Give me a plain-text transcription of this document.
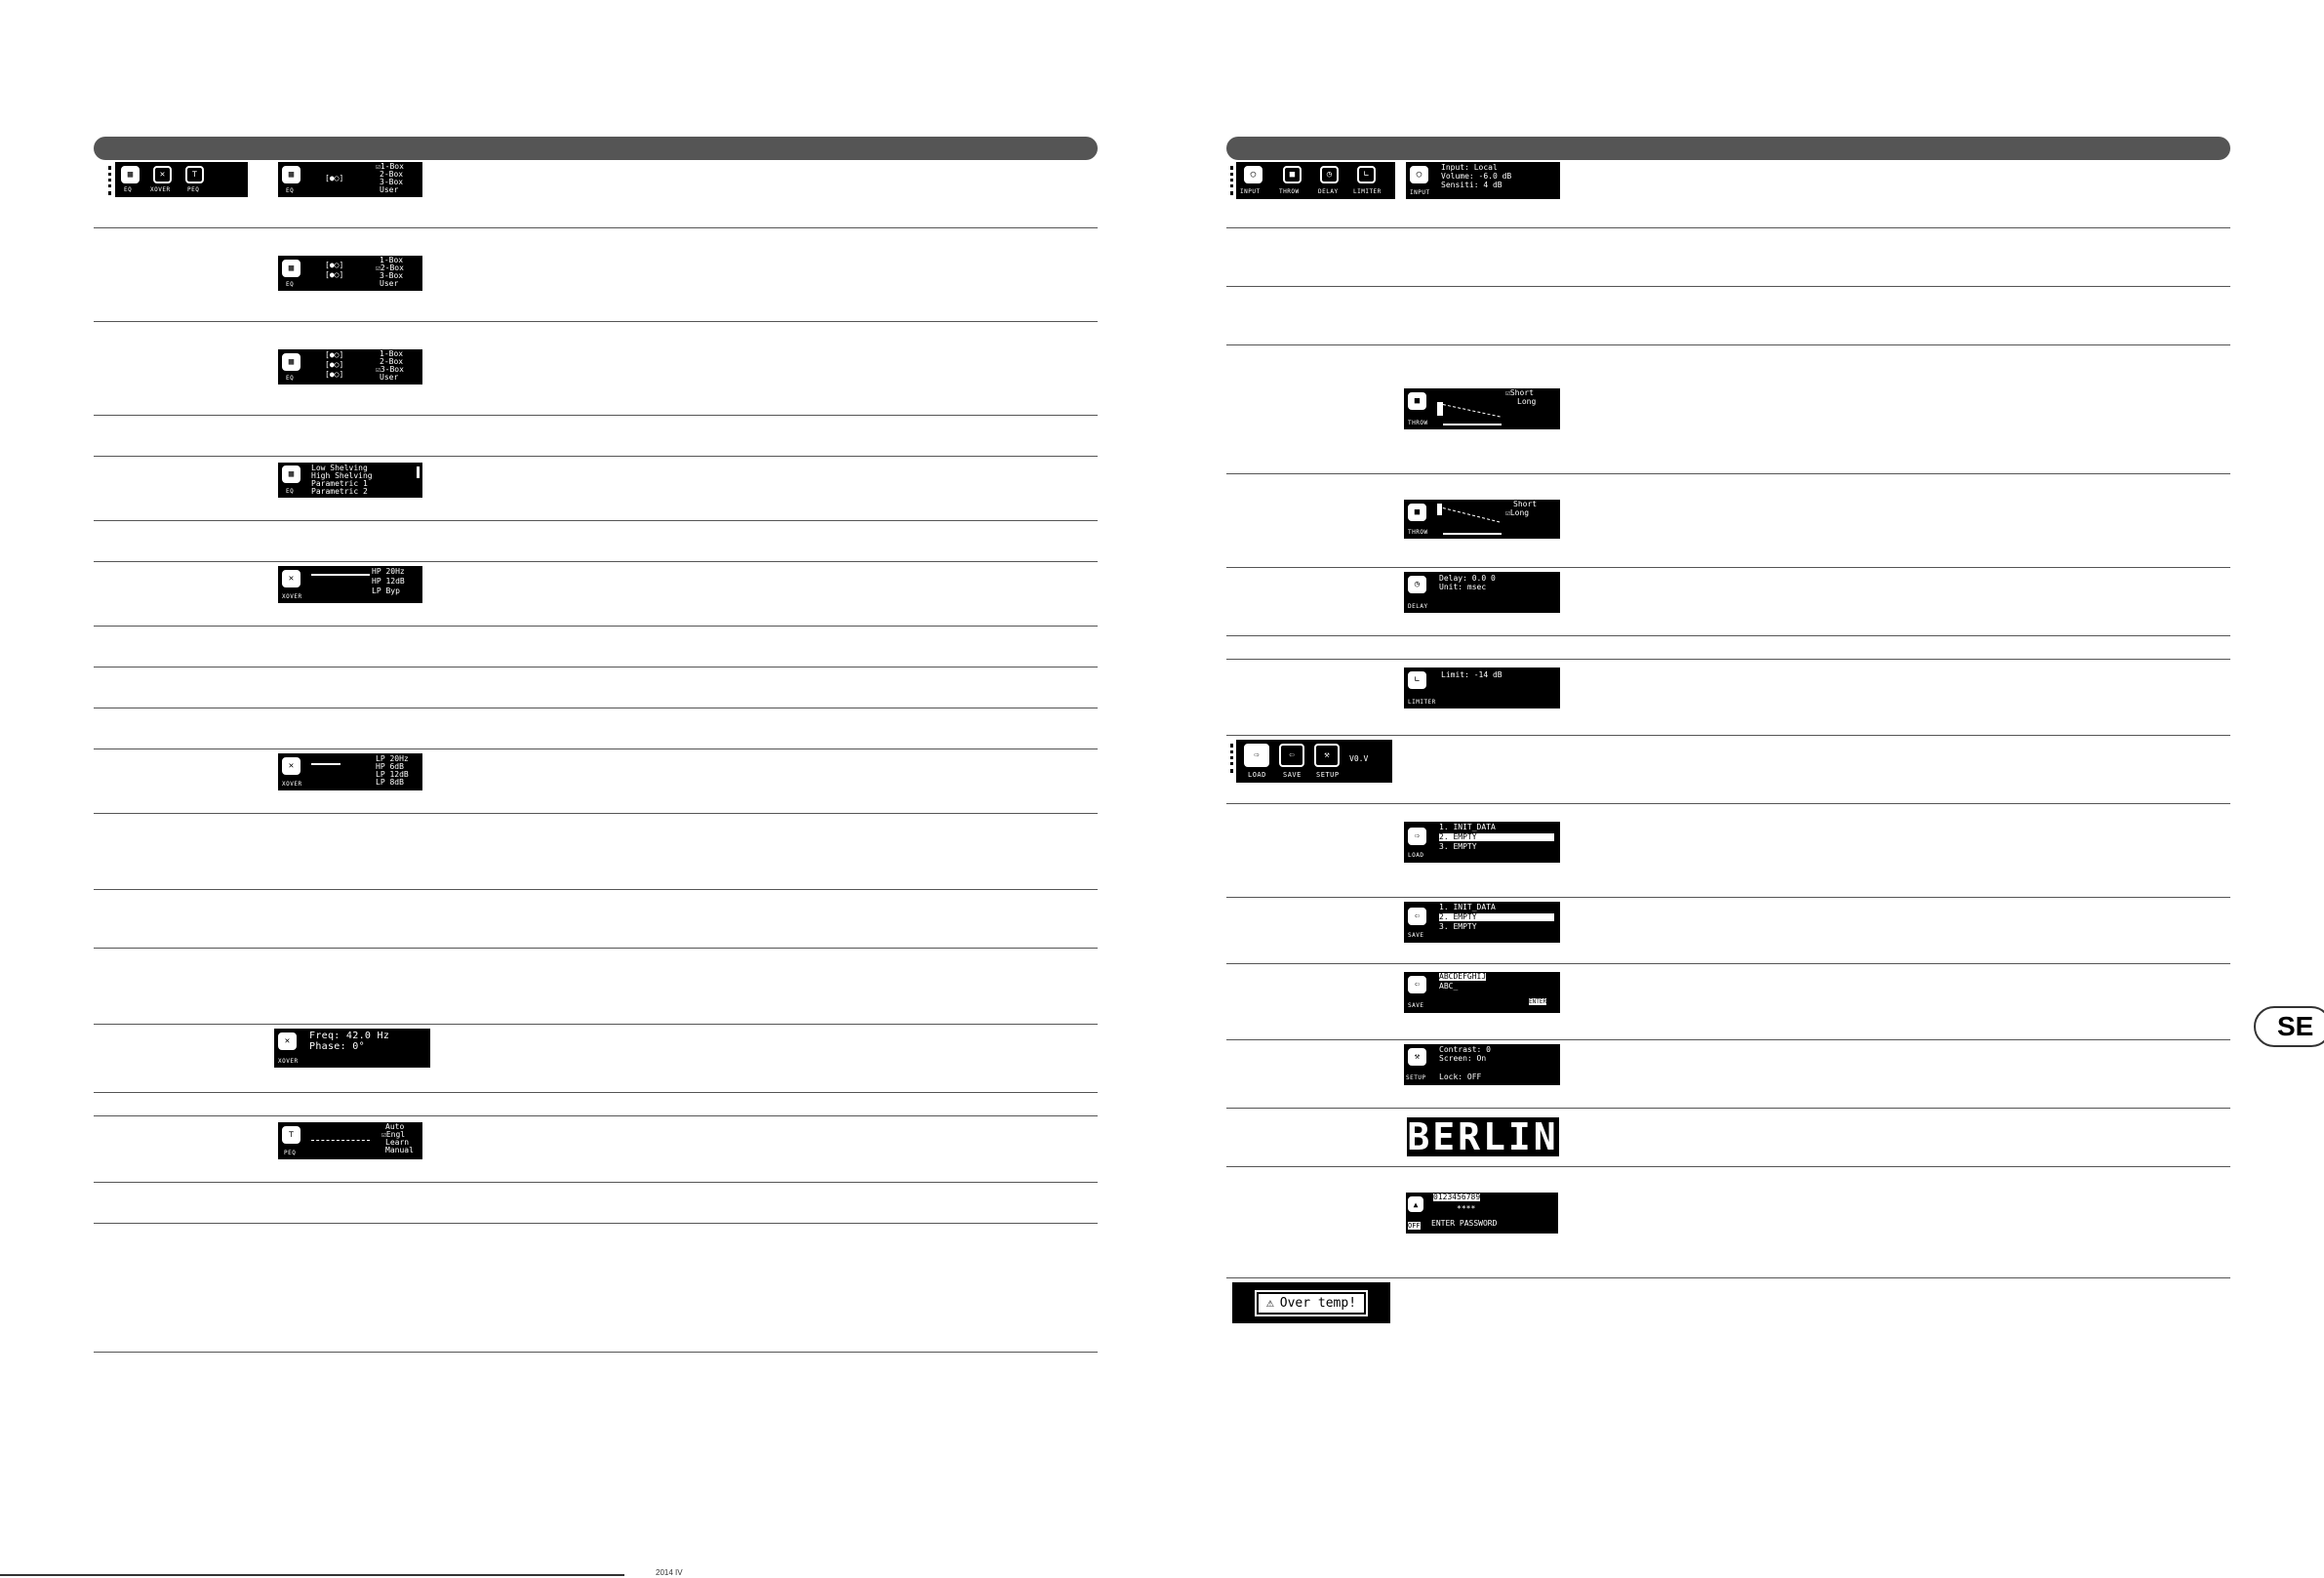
▦	✕	⊤
EQ	XOVER	PEQ
▦
EQ
[●○]
☑1-Box
2-Box
3-Box
User
▦
EQ
[●○]
[●○]
1-Box
☑2-Box
3-Box
User
▦
EQ
[●○]
[●○]
[●○]
1-Box
2-Box
☑3-Box
User
▦
EQ
Low Shelving
High Shelving
Parametric 1
Parametric 2
✕
XOVER
HP 20Hz
HP 12dB
LP Byp
✕
XOVER
LP 20Hz
HP 6dB
LP 12dB
LP 8dB
✕
XOVER
Freq: 42.0 Hz
Phase: 0°
⊤
PEQ
Auto
☑Engl
Learn
Manual
◯	■	◷	∟
INPUT	THROW	DELAY	LIMITER
◯
INPUT
Input: Local
Volume: -6.0 dB
Sensiti: 4 dB
■
THROW
☑Short
Long
■
THROW
Short
☑Long
◷
DELAY
Delay: 0.0 0
Unit: msec
∟
LIMITER
Limit: -14 dB
⇨	⇦	⚒
LOAD SAVE SETUP
V0.V
⇨
LOAD
1. INIT_DATA
2. EMPTY
3. EMPTY
⇦
SAVE
1. INIT_DATA
2. EMPTY
3. EMPTY
⇦
SAVE
ABCDEFGHIJ
ABC_
ENTER
⚒
SETUP
Contrast: 0
Screen: On
Lock: OFF
BERLIN
▲
OFF
0123456789
****
ENTER PASSWORD
⚠ Over temp!
SE
2014 IV
